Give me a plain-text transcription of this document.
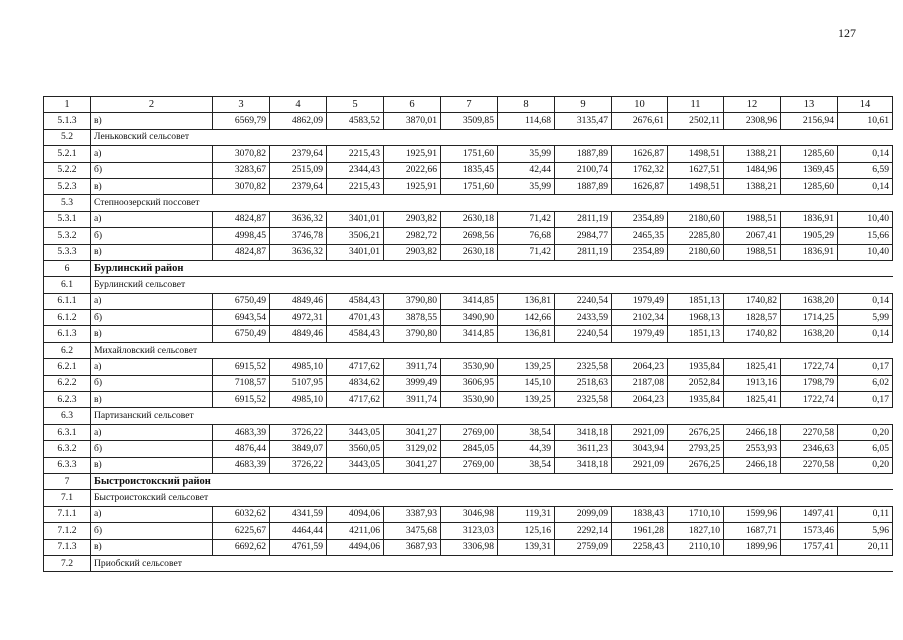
127
1	2	3	4	5	6	7	8	9	10	11	12	13	14
5.1.3	в)	6569,79	4862,09	4583,52	3870,01	3509,85	114,68	3135,47	2676,61	2502,11	2308,96	2156,94	10,61
5.2	Леньковский сельсовет												
5.2.1	а)	3070,82	2379,64	2215,43	1925,91	1751,60	35,99	1887,89	1626,87	1498,51	1388,21	1285,60	0,14
5.2.2	б)	3283,67	2515,09	2344,43	2022,66	1835,45	42,44	2100,74	1762,32	1627,51	1484,96	1369,45	6,59
5.2.3	в)	3070,82	2379,64	2215,43	1925,91	1751,60	35,99	1887,89	1626,87	1498,51	1388,21	1285,60	0,14
5.3	Степноозерский поссовет												
5.3.1	а)	4824,87	3636,32	3401,01	2903,82	2630,18	71,42	2811,19	2354,89	2180,60	1988,51	1836,91	10,40
5.3.2	б)	4998,45	3746,78	3506,21	2982,72	2698,56	76,68	2984,77	2465,35	2285,80	2067,41	1905,29	15,66
5.3.3	в)	4824,87	3636,32	3401,01	2903,82	2630,18	71,42	2811,19	2354,89	2180,60	1988,51	1836,91	10,40
6	Бурлинский район												
6.1	Бурлинский сельсовет												
6.1.1	а)	6750,49	4849,46	4584,43	3790,80	3414,85	136,81	2240,54	1979,49	1851,13	1740,82	1638,20	0,14
6.1.2	б)	6943,54	4972,31	4701,43	3878,55	3490,90	142,66	2433,59	2102,34	1968,13	1828,57	1714,25	5,99
6.1.3	в)	6750,49	4849,46	4584,43	3790,80	3414,85	136,81	2240,54	1979,49	1851,13	1740,82	1638,20	0,14
6.2	Михайловский сельсовет												
6.2.1	а)	6915,52	4985,10	4717,62	3911,74	3530,90	139,25	2325,58	2064,23	1935,84	1825,41	1722,74	0,17
6.2.2	б)	7108,57	5107,95	4834,62	3999,49	3606,95	145,10	2518,63	2187,08	2052,84	1913,16	1798,79	6,02
6.2.3	в)	6915,52	4985,10	4717,62	3911,74	3530,90	139,25	2325,58	2064,23	1935,84	1825,41	1722,74	0,17
6.3	Партизанский сельсовет												
6.3.1	а)	4683,39	3726,22	3443,05	3041,27	2769,00	38,54	3418,18	2921,09	2676,25	2466,18	2270,58	0,20
6.3.2	б)	4876,44	3849,07	3560,05	3129,02	2845,05	44,39	3611,23	3043,94	2793,25	2553,93	2346,63	6,05
6.3.3	в)	4683,39	3726,22	3443,05	3041,27	2769,00	38,54	3418,18	2921,09	2676,25	2466,18	2270,58	0,20
7	Быстроистокский район												
7.1	Быстроистокский сельсовет												
7.1.1	а)	6032,62	4341,59	4094,06	3387,93	3046,98	119,31	2099,09	1838,43	1710,10	1599,96	1497,41	0,11
7.1.2	б)	6225,67	4464,44	4211,06	3475,68	3123,03	125,16	2292,14	1961,28	1827,10	1687,71	1573,46	5,96
7.1.3	в)	6692,62	4761,59	4494,06	3687,93	3306,98	139,31	2759,09	2258,43	2110,10	1899,96	1757,41	20,11
7.2	Приобский сельсовет												
